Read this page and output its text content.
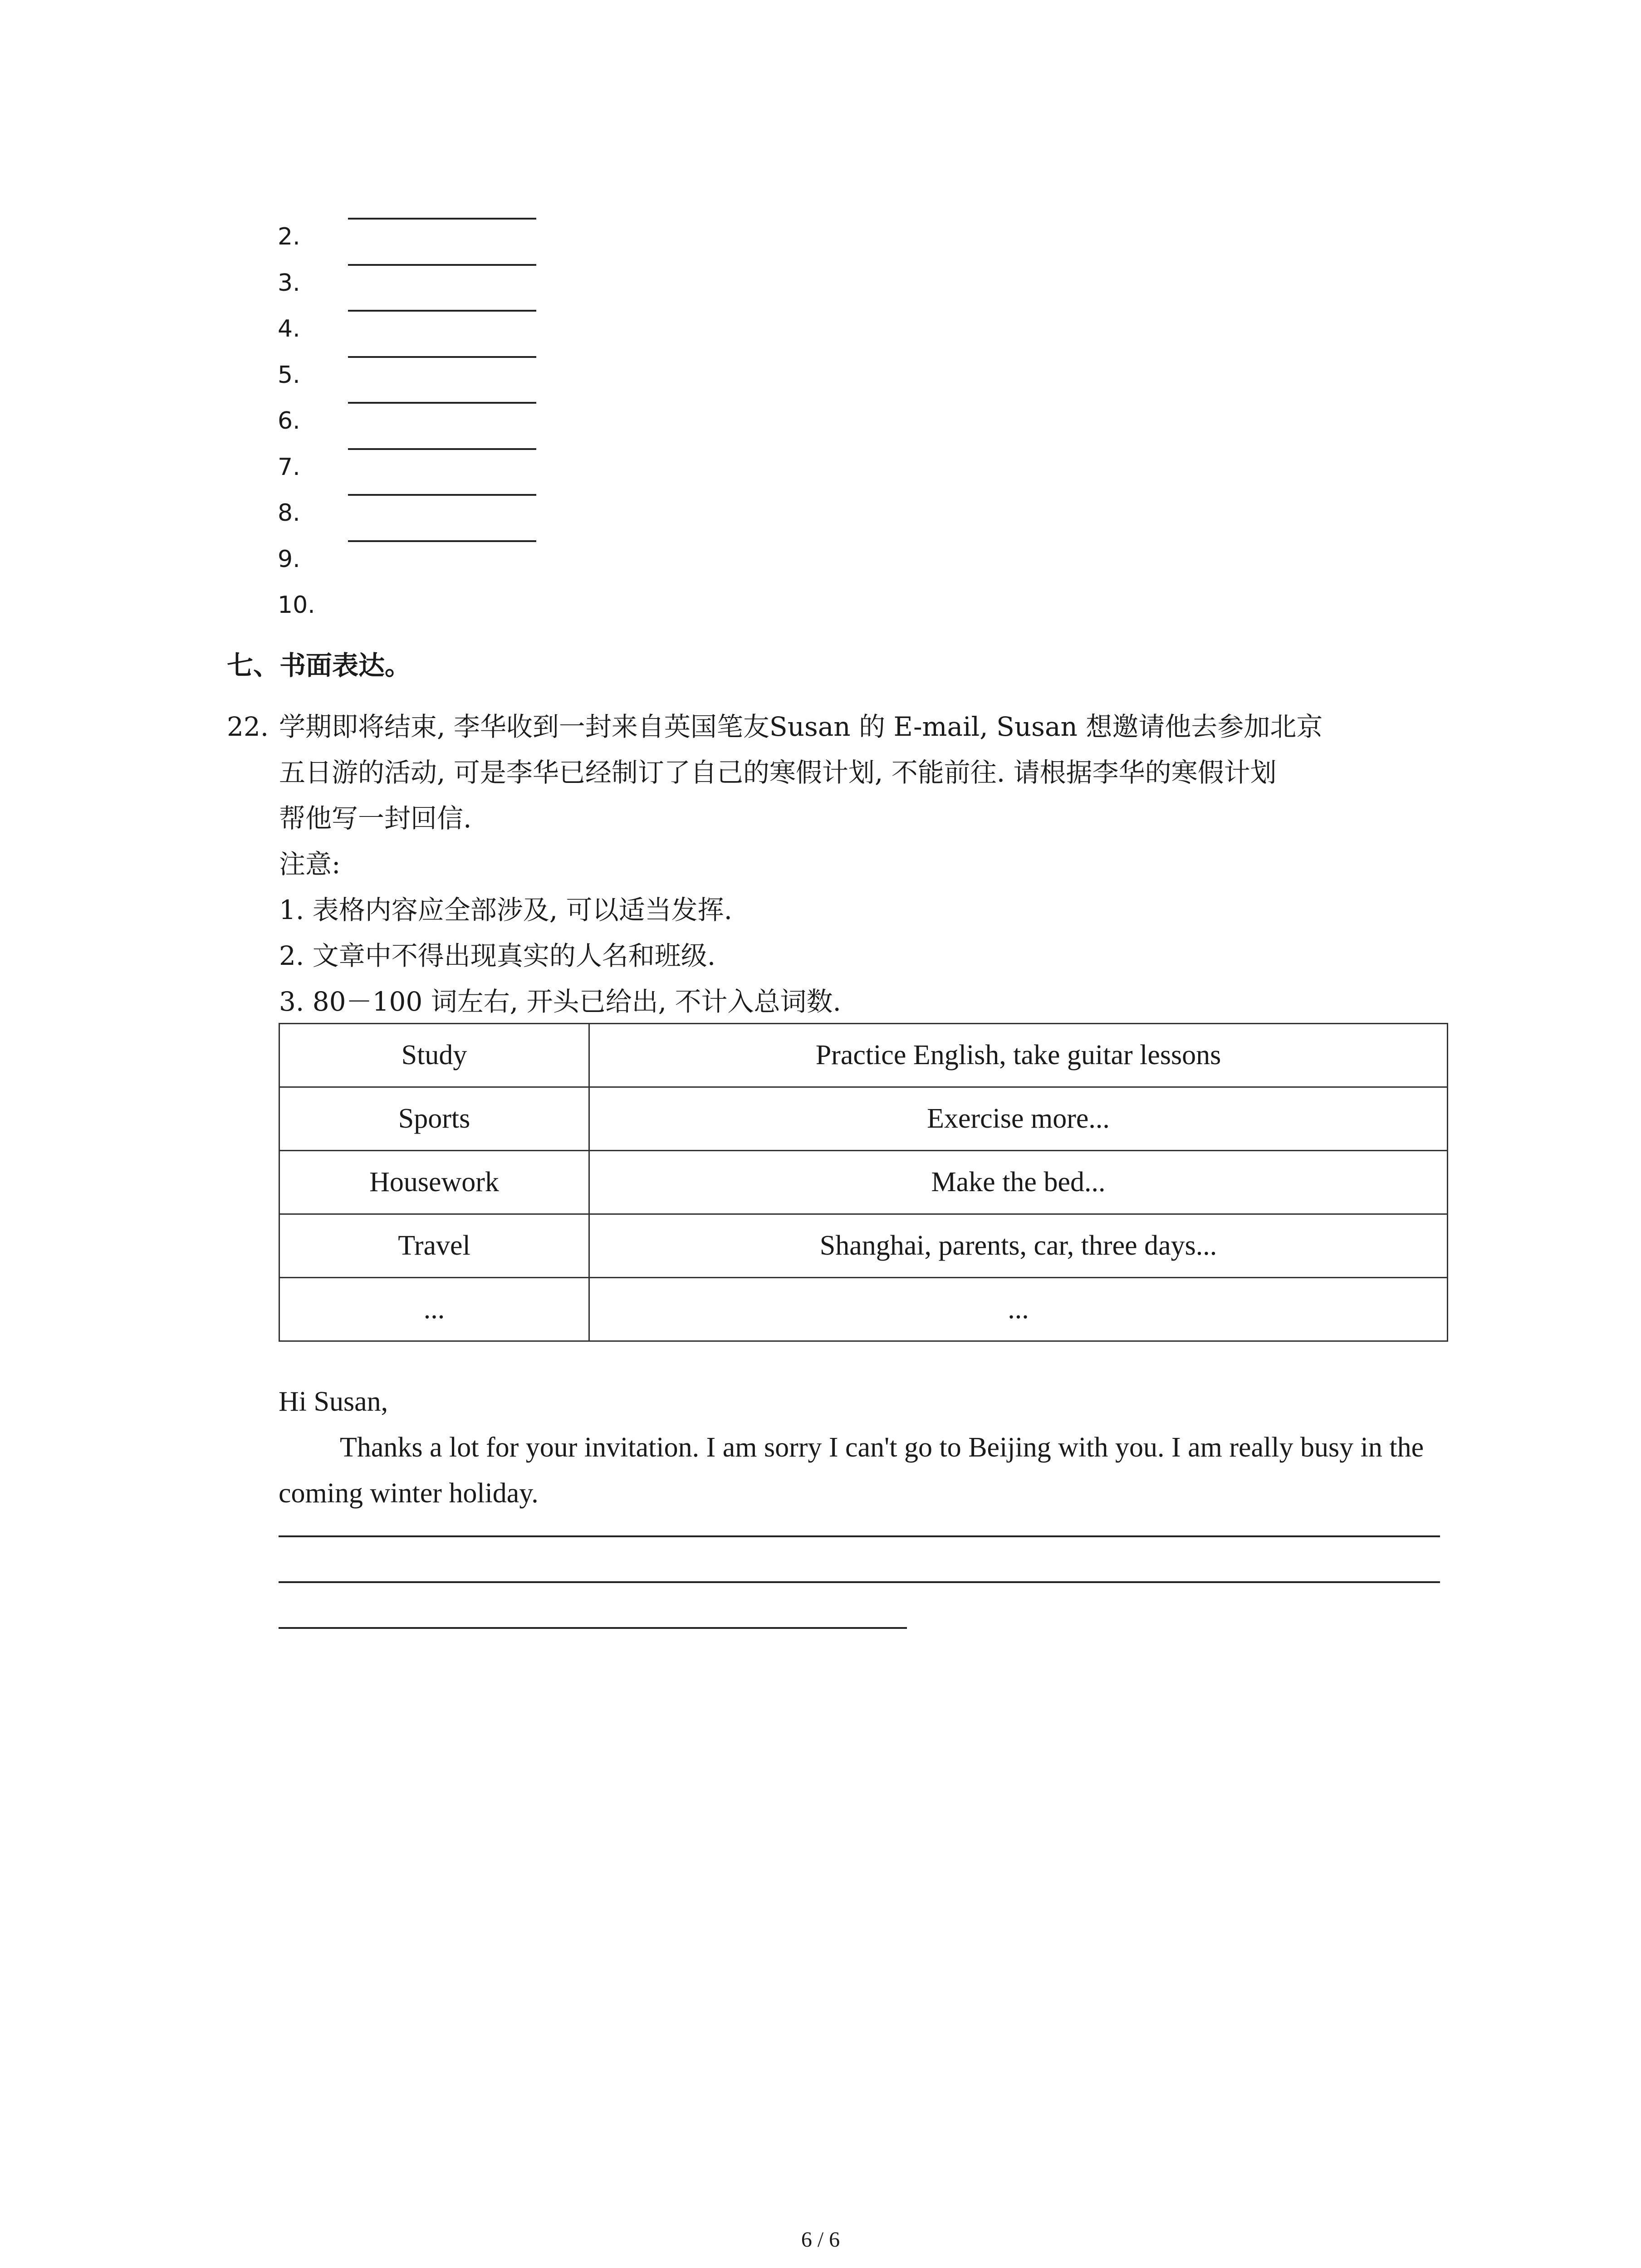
2.
3.
4.
5.
6.
7.
8.
9.
10.
七、书面表达。
22. 学期即将结束, 李华收到一封来自英国笔友Susan 的 E-mail, Susan 想邀请他去参加北京
五日游的活动, 可是李华已经制订了自己的寒假计划, 不能前往. 请根据李华的寒假计划
帮他写一封回信.
注意:
1. 表格内容应全部涉及, 可以适当发挥.
2. 文章中不得出现真实的人名和班级.
3. 80－100 词左右, 开头已给出, 不计入总词数.
Study	Practice English, take guitar lessons
Sports	Exercise more...
Housework	Make the bed...
Travel	Shanghai, parents, car, three days...
...	...

Hi Susan,

Thanks a lot for your invitation. I am sorry I can't go to Beijing with you. I am really busy in the coming winter holiday.

6 / 6
